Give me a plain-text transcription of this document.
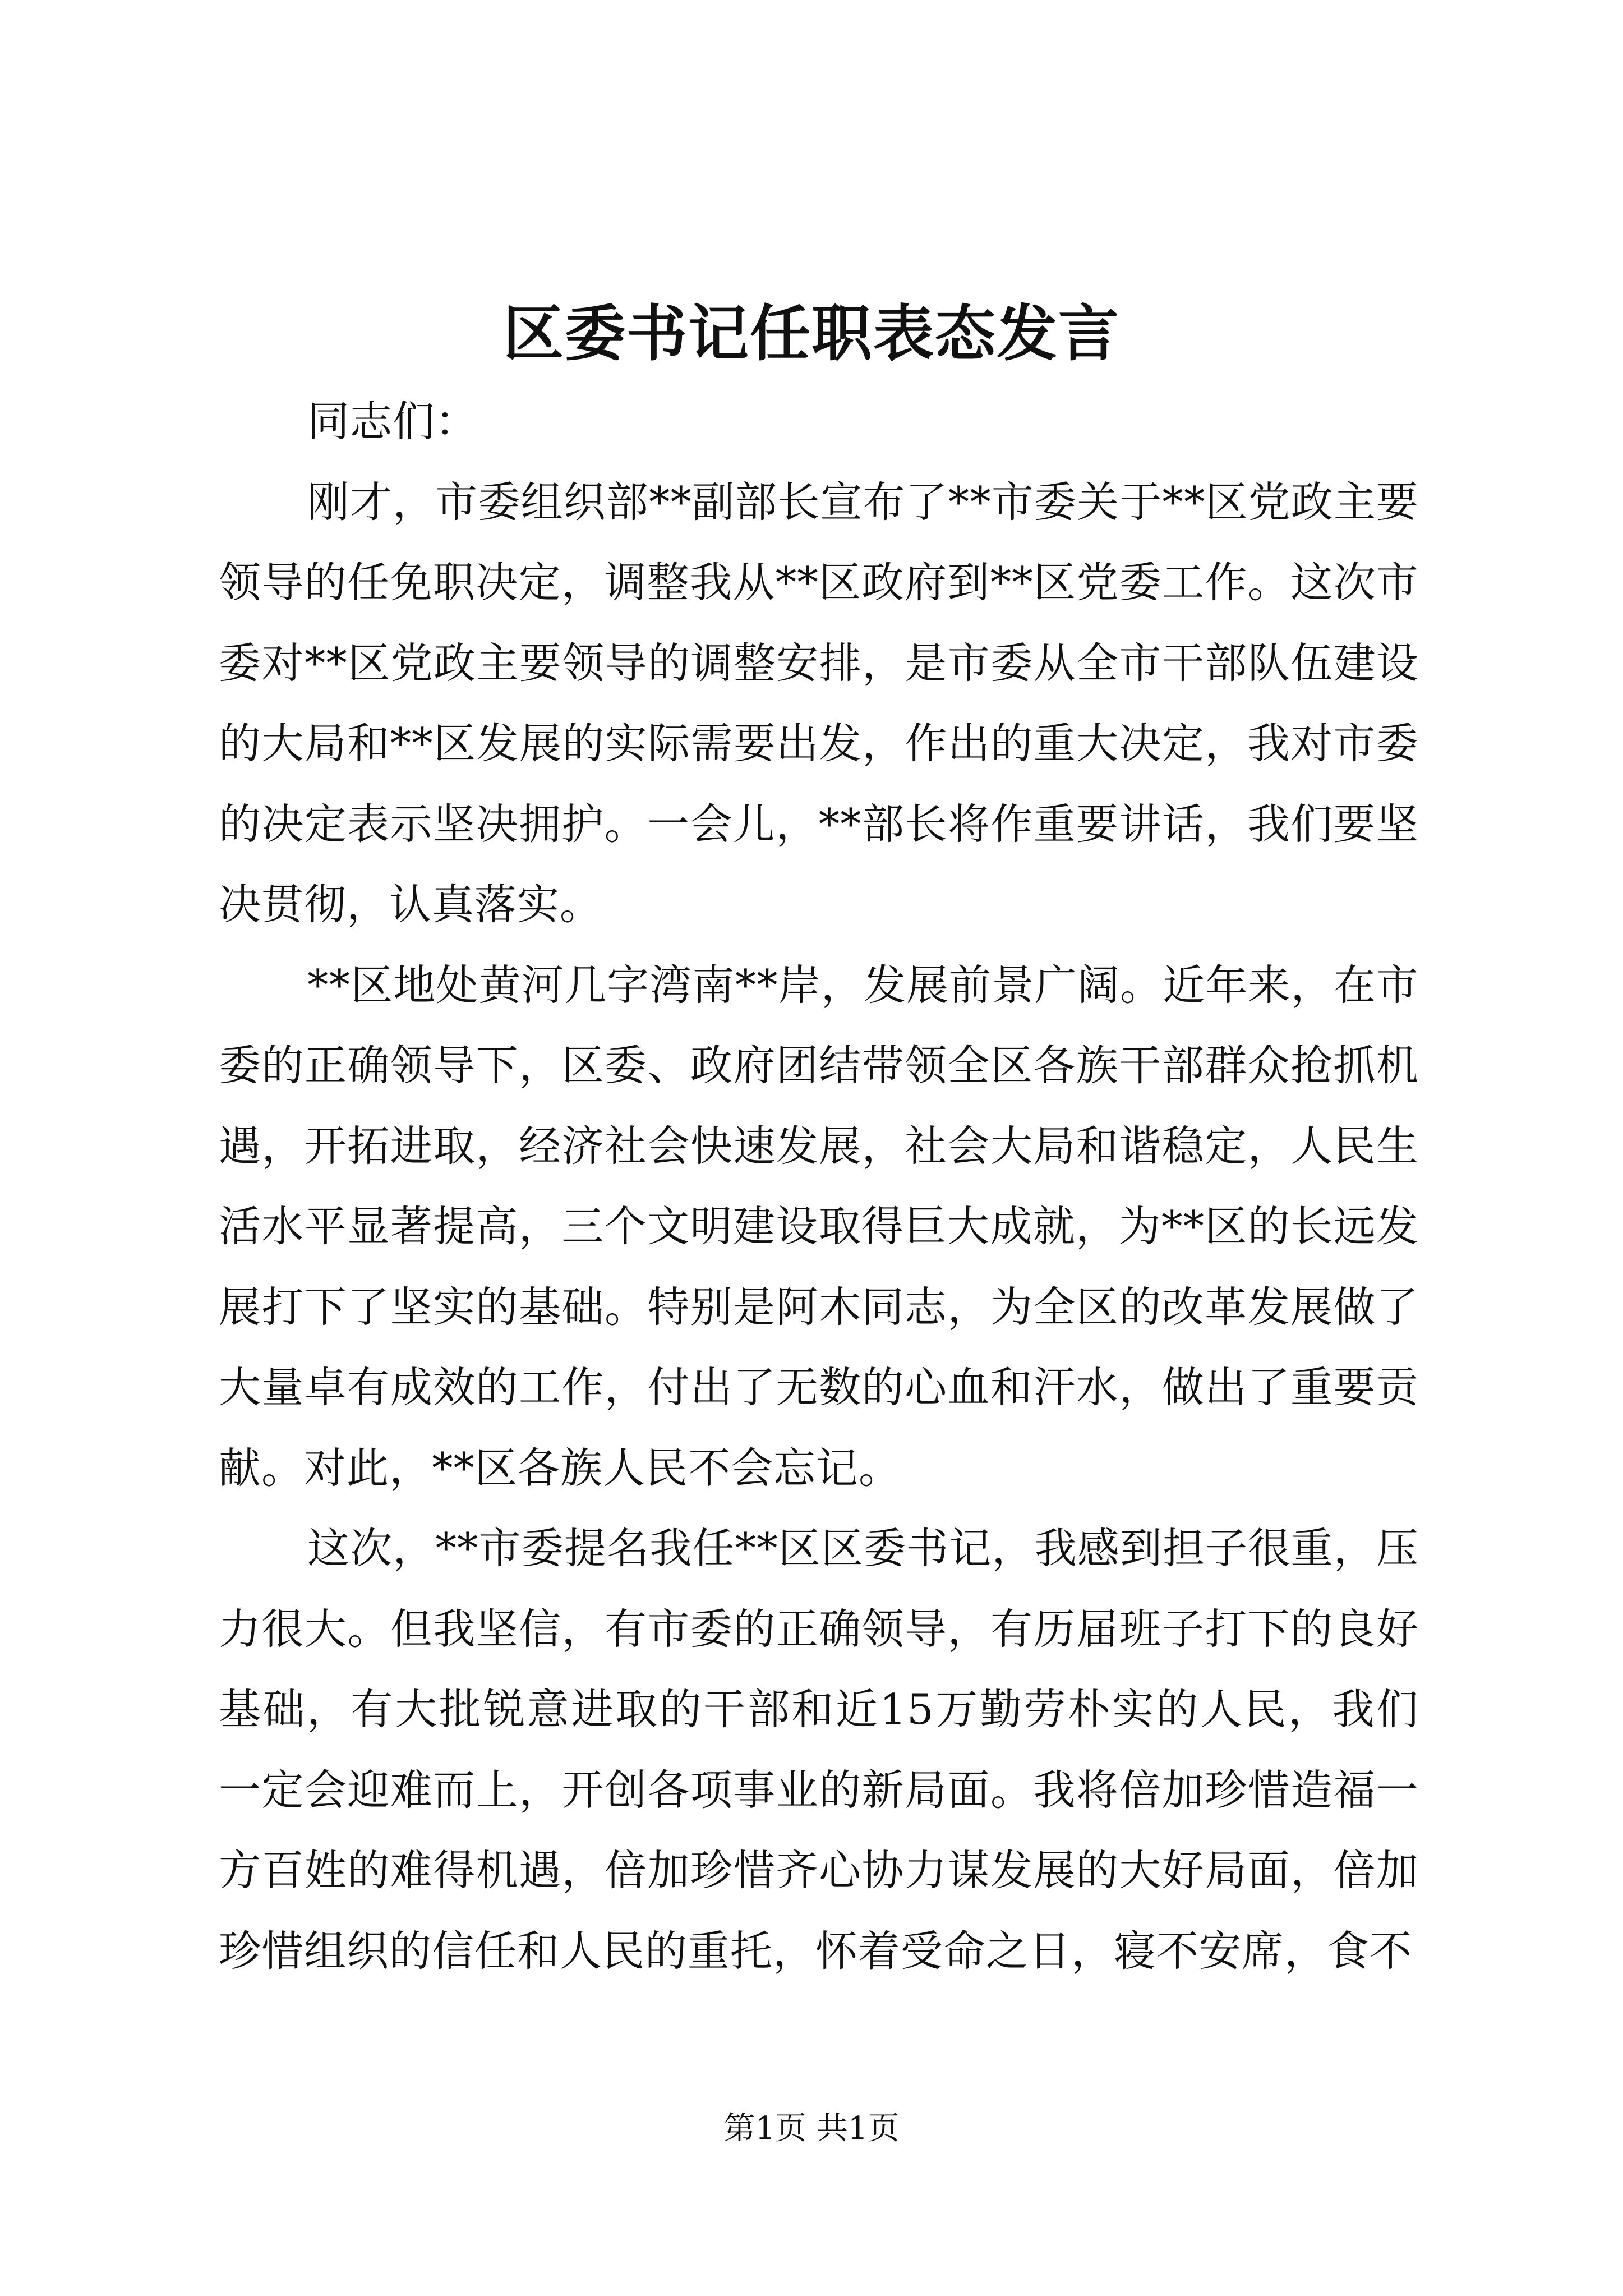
区委书记任职表态发言

同志们：

刚才，市委组织部**副部长宣布了**市委关于**区党政主要领导的任免职决定，调整我从**区政府到**区党委工作。这次市委对**区党政主要领导的调整安排，是市委从全市干部队伍建设的大局和**区发展的实际需要出发，作出的重大决定，我对市委的决定表示坚决拥护。一会儿，**部长将作重要讲话，我们要坚决贯彻，认真落实。

**区地处黄河几字湾南**岸，发展前景广阔。近年来，在市委的正确领导下，区委、政府团结带领全区各族干部群众抢抓机遇，开拓进取，经济社会快速发展，社会大局和谐稳定，人民生活水平显著提高，三个文明建设取得巨大成就，为**区的长远发展打下了坚实的基础。特别是阿木同志，为全区的改革发展做了大量卓有成效的工作，付出了无数的心血和汗水，做出了重要贡献。对此，**区各族人民不会忘记。

这次，**市委提名我任**区区委书记，我感到担子很重，压力很大。但我坚信，有市委的正确领导，有历届班子打下的良好基础，有大批锐意进取的干部和近15万勤劳朴实的人民，我们一定会迎难而上，开创各项事业的新局面。我将倍加珍惜造福一方百姓的难得机遇，倍加珍惜齐心协力谋发展的大好局面，倍加珍惜组织的信任和人民的重托，怀着受命之日，寝不安席，食不

第1页 共1页
